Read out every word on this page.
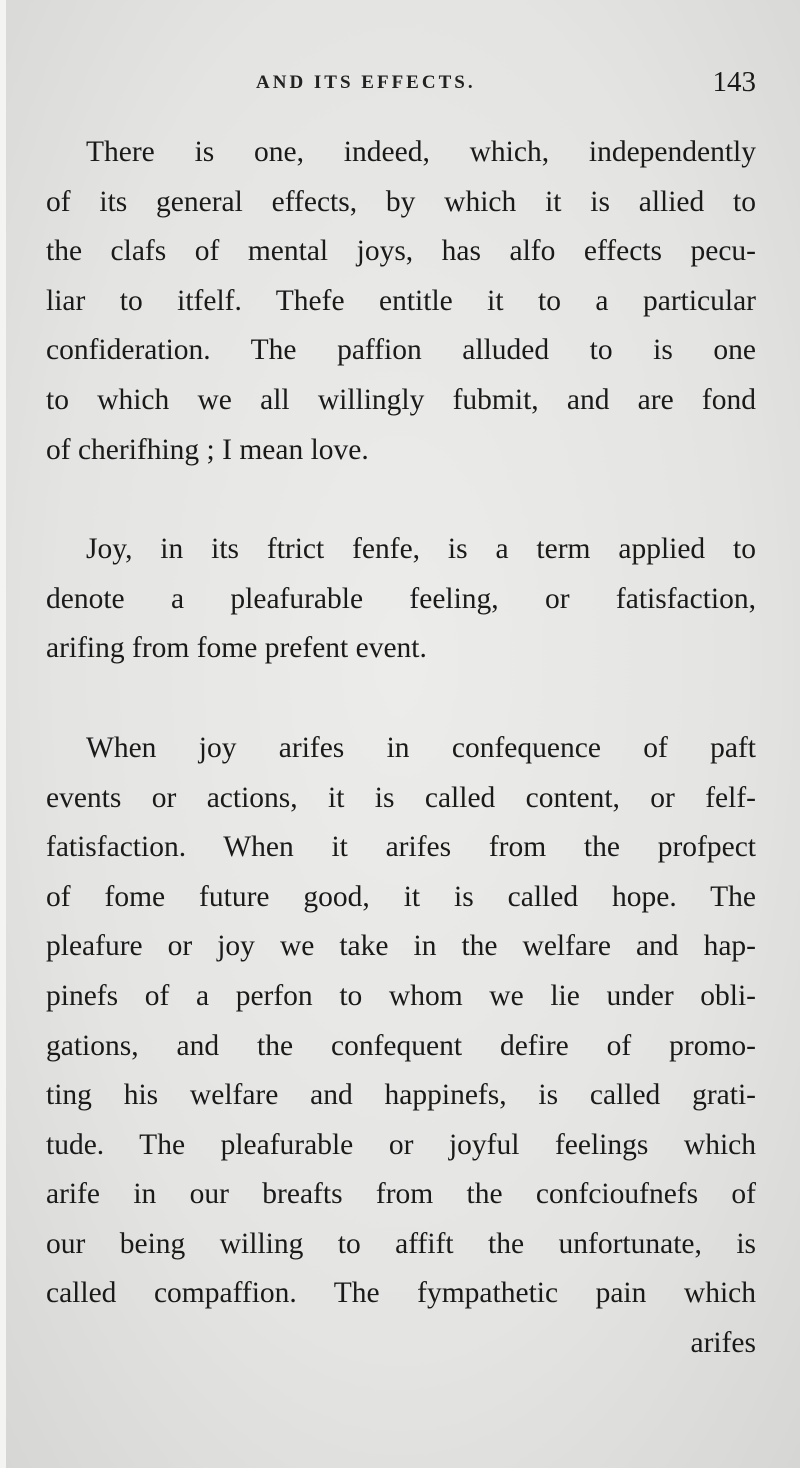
AND ITS EFFECTS.	143
There is one, indeed, which, independently
of its general effects, by which it is allied to
the clafs of mental joys, has alfo effects pecu-
liar to itfelf. Thefe entitle it to a particular
confideration. The paffion alluded to is one
to which we all willingly fubmit, and are fond
of cherifhing ; I mean love.
Joy, in its ftrict fenfe, is a term applied to
denote a pleafurable feeling, or fatisfaction,
arifing from fome prefent event.
When joy arifes in confequence of paft
events or actions, it is called content, or felf-
fatisfaction. When it arifes from the profpect
of fome future good, it is called hope. The
pleafure or joy we take in the welfare and hap-
pinefs of a perfon to whom we lie under obli-
gations, and the confequent defire of promo-
ting his welfare and happinefs, is called grati-
tude. The pleafurable or joyful feelings which
arife in our breafts from the confcioufnefs of
our being willing to affift the unfortunate, is
called compaffion. The fympathetic pain which
arifes
